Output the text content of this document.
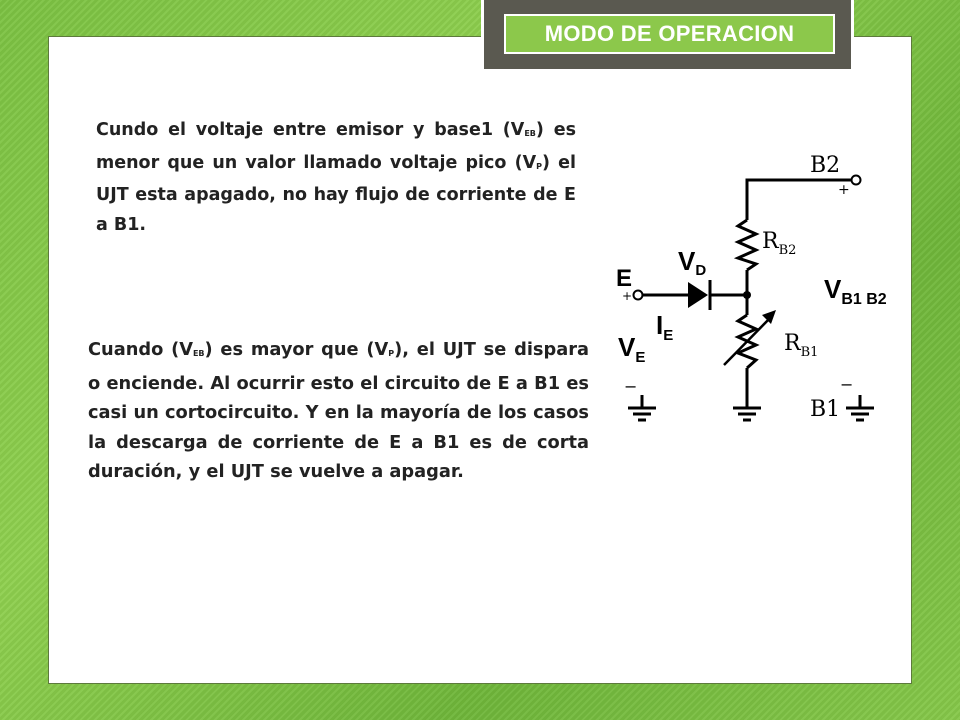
MODO DE OPERACION

Cundo el voltaje entre emisor y base1 (VEB) es menor que un valor llamado voltaje pico (VP) el UJT esta apagado, no hay flujo de corriente de E a B1.

Cuando (VEB) es mayor que (VP), el UJT se dispara o enciende. Al ocurrir esto el circuito de E a B1 es casi un cortocircuito. Y en la mayoría de los casos la descarga de corriente de E a B1 es de corta duración, y el UJT se vuelve a apagar.

B2
+
$R_{B2}$
VD
E
+	$V_{B1 B2}$
$I_E$	$R_{B1}$
$V_E$
−	−
B1
